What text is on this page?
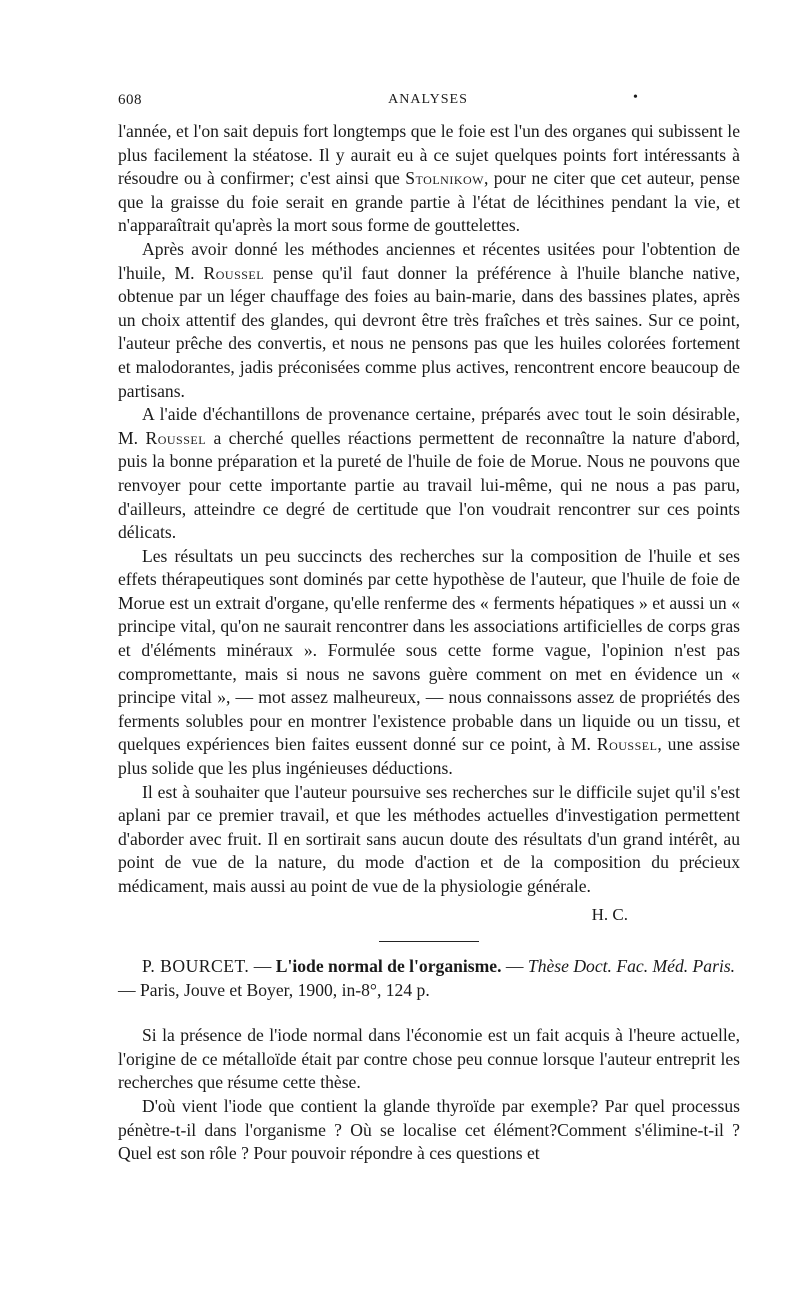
608	ANALYSES	•

l'année, et l'on sait depuis fort longtemps que le foie est l'un des organes qui subissent le plus facilement la stéatose. Il y aurait eu à ce sujet quelques points fort intéressants à résoudre ou à confirmer; c'est ainsi que Stolnikow, pour ne citer que cet auteur, pense que la graisse du foie serait en grande partie à l'état de lécithines pendant la vie, et n'apparaîtrait qu'après la mort sous forme de gouttelettes.

Après avoir donné les méthodes anciennes et récentes usitées pour l'obtention de l'huile, M. Roussel pense qu'il faut donner la préférence à l'huile blanche native, obtenue par un léger chauffage des foies au bain-marie, dans des bassines plates, après un choix attentif des glandes, qui devront être très fraîches et très saines. Sur ce point, l'auteur prêche des convertis, et nous ne pensons pas que les huiles colorées fortement et malodorantes, jadis préconisées comme plus actives, rencontrent encore beaucoup de partisans.

A l'aide d'échantillons de provenance certaine, préparés avec tout le soin désirable, M. Roussel a cherché quelles réactions permettent de reconnaître la nature d'abord, puis la bonne préparation et la pureté de l'huile de foie de Morue. Nous ne pouvons que renvoyer pour cette importante partie au travail lui-même, qui ne nous a pas paru, d'ailleurs, atteindre ce degré de certitude que l'on voudrait rencontrer sur ces points délicats.

Les résultats un peu succincts des recherches sur la composition de l'huile et ses effets thérapeutiques sont dominés par cette hypothèse de l'auteur, que l'huile de foie de Morue est un extrait d'organe, qu'elle renferme des « ferments hépatiques » et aussi un « principe vital, qu'on ne saurait rencontrer dans les associations artificielles de corps gras et d'éléments minéraux ». Formulée sous cette forme vague, l'opinion n'est pas compromettante, mais si nous ne savons guère comment on met en évidence un « principe vital », — mot assez malheureux, — nous connaissons assez de propriétés des ferments solubles pour en montrer l'existence probable dans un liquide ou un tissu, et quelques expériences bien faites eussent donné sur ce point, à M. Roussel, une assise plus solide que les plus ingénieuses déductions.

Il est à souhaiter que l'auteur poursuive ses recherches sur le difficile sujet qu'il s'est aplani par ce premier travail, et que les méthodes actuelles d'investigation permettent d'aborder avec fruit. Il en sortirait sans aucun doute des résultats d'un grand intérêt, au point de vue de la nature, du mode d'action et de la composition du précieux médicament, mais aussi au point de vue de la physiologie générale.

H. C.

P. BOURCET. — L'iode normal de l'organisme. — Thèse Doct. Fac. Méd. Paris. — Paris, Jouve et Boyer, 1900, in-8°, 124 p.

Si la présence de l'iode normal dans l'économie est un fait acquis à l'heure actuelle, l'origine de ce métalloïde était par contre chose peu connue lorsque l'auteur entreprit les recherches que résume cette thèse.

D'où vient l'iode que contient la glande thyroïde par exemple? Par quel processus pénètre-t-il dans l'organisme ? Où se localise cet élément?Comment s'élimine-t-il ? Quel est son rôle ? Pour pouvoir répondre à ces questions et
